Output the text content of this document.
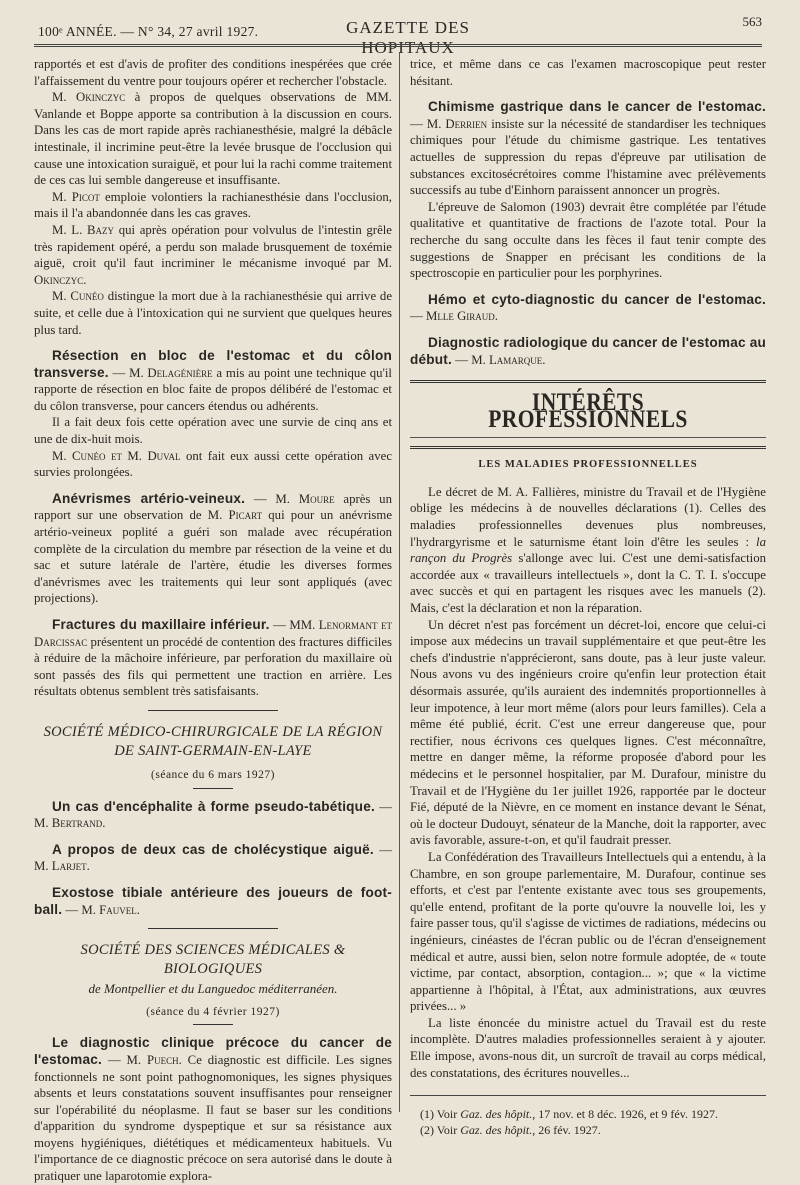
100ᵉ ANNÉE. — N° 34, 27 avril 1927.	GAZETTE DES HOPITAUX
563

rapportés et est d'avis de profiter des conditions inespérées que crée l'affaissement du ventre pour toujours opérer et rechercher l'obstacle.

M. Okinczyc à propos de quelques observations de MM. Vanlande et Boppe apporte sa contribution à la discussion en cours. Dans les cas de mort rapide après rachianesthésie, malgré la débâcle intestinale, il incrimine peut-être la levée brusque de l'occlusion qui cause une intoxication suraiguë, et pour lui la rachi comme traitement de ces cas lui semble dangereuse et insuffisante.

M. Picot emploie volontiers la rachianesthésie dans l'occlusion, mais il l'a abandonnée dans les cas graves.

M. L. Bazy qui après opération pour volvulus de l'intestin grêle très rapidement opéré, a perdu son malade brusquement de toxémie aiguë, croit qu'il faut incriminer le mécanisme invoqué par M. Okinczyc.

M. Cunéo distingue la mort due à la rachianesthésie qui arrive de suite, et celle due à l'intoxication qui ne survient que quelques heures plus tard.

Résection en bloc de l'estomac et du côlon transverse. — M. Delagénière a mis au point une technique qu'il rapporte de résection en bloc faite de propos délibéré de l'estomac et du côlon transverse, pour cancers étendus ou adhérents.

Il a fait deux fois cette opération avec une survie de cinq ans et une de dix-huit mois.

M. Cunéo et M. Duval ont fait eux aussi cette opération avec survies prolongées.

Anévrismes artério-veineux. — M. Moure après un rapport sur une observation de M. Picart qui pour un anévrisme artério-veineux poplité a guéri son malade avec récupération complète de la circulation du membre par résection de la veine et du sac et suture latérale de l'artère, étudie les diverses formes d'anévrismes avec les traitements qui leur sont appliqués (avec projections).

Fractures du maxillaire inférieur. — MM. Lenormant et Darcissac présentent un procédé de contention des fractures difficiles à réduire de la mâchoire inférieure, par perforation du maxillaire où sont passés des fils qui permettent une traction en arrière. Les résultats obtenus semblent très satisfaisants.

SOCIÉTÉ MÉDICO-CHIRURGICALE DE LA RÉGION
DE SAINT-GERMAIN-EN-LAYE
(séance du 6 mars 1927)

Un cas d'encéphalite à forme pseudo-tabétique. — M. Bertrand.

A propos de deux cas de cholécystique aiguë. — M. Larjet.

Exostose tibiale antérieure des joueurs de foot-ball. — M. Fauvel.

SOCIÉTÉ DES SCIENCES MÉDICALES & BIOLOGIQUES
de Montpellier et du Languedoc méditerranéen.
(séance du 4 février 1927)

Le diagnostic clinique précoce du cancer de l'estomac. — M. Puech. Ce diagnostic est difficile. Les signes fonctionnels ne sont point pathognomoniques, les signes physiques absents et leurs constatations souvent insuffisantes pour renseigner sur l'opérabilité du néoplasme. Il faut se baser sur les conditions d'apparition du syndrome dyspeptique et sur sa résistance aux moyens hygiéniques, diététiques et médicamenteux habituels. Vu l'importance de ce diagnostic précoce on sera autorisé dans le doute à pratiquer une laparotomie explora-

trice, et même dans ce cas l'examen macroscopique peut rester hésitant.

Chimisme gastrique dans le cancer de l'estomac. — M. Derrien insiste sur la nécessité de standardiser les techniques chimiques pour l'étude du chimisme gastrique. Les tentatives actuelles de suppression du repas d'épreuve par utilisation de substances excitosécrétoires comme l'histamine avec prélèvements successifs au tube d'Einhorn paraissent annoncer un progrès.

L'épreuve de Salomon (1903) devrait être complétée par l'étude qualitative et quantitative de fractions de l'azote total. Pour la recherche du sang occulte dans les fèces il faut tenir compte des suggestions de Snapper en précisant les conditions de la spectroscopie en particulier pour les porphyrines.

Hémo et cyto-diagnostic du cancer de l'estomac. — Mlle Giraud.

Diagnostic radiologique du cancer de l'estomac au début. — M. Lamarque.

INTÉRÊTS PROFESSIONNELS
LES MALADIES PROFESSIONNELLES

Le décret de M. A. Fallières, ministre du Travail et de l'Hygiène oblige les médecins à de nouvelles déclarations (1). Celles des maladies professionnelles devenues plus nombreuses, l'hydrargyrisme et le saturnisme étant loin d'être les seules : la rançon du Progrès s'allonge avec lui. C'est une demi-satisfaction accordée aux « travailleurs intellectuels », dont la C. T. I. s'occupe avec succès et qui en partagent les risques avec les manuels (2). Mais, c'est la déclaration et non la réparation.

Un décret n'est pas forcément un décret-loi, encore que celui-ci impose aux médecins un travail supplémentaire et que peut-être les chefs d'industrie n'apprécieront, sans doute, pas à leur juste valeur. Nous avons vu des ingénieurs croire qu'enfin leur protection était désormais assurée, qu'ils auraient des indemnités proportionnelles à leur impotence, à leur mort même (alors pour leurs familles). Cela a même été publié, écrit. C'est une erreur dangereuse que, pour rectifier, nous écrivons ces quelques lignes. C'est méconnaître, mettre en danger même, la réforme proposée d'abord pour les médecins et le personnel hospitalier, par M. Durafour, ministre du Travail et de l'Hygiène du 1er juillet 1926, rapportée par le docteur Fié, député de la Nièvre, en ce moment en instance devant le Sénat, où le docteur Dudouyt, sénateur de la Manche, doit la rapporter, avec avis favorable, assure-t-on, et qu'il faudrait presser.

La Confédération des Travailleurs Intellectuels qui a entendu, à la Chambre, en son groupe parlementaire, M. Durafour, continue ses efforts, et c'est par l'entente existante avec tous ses groupements, qu'elle entend, profitant de la porte qu'ouvre la nouvelle loi, les y faire passer tous, qu'il s'agisse de victimes de radiations, médecins ou ingénieurs, cinéastes de l'écran public ou de l'écran d'enseignement médical et autre, aussi bien, selon notre formule adoptée, de « toute victime, par contact, absorption, contagion... »; que « la victime appartienne à l'hôpital, à l'État, aux administrations, aux œuvres privées... »

La liste énoncée du ministre actuel du Travail est du reste incomplète. D'autres maladies professionnelles seraient à y ajouter. Elle impose, avons-nous dit, un surcroît de travail au corps médical, des constatations, des écritures nouvelles...

(1) Voir Gaz. des hôpit., 17 nov. et 8 déc. 1926, et 9 fév. 1927.
(2) Voir Gaz. des hôpit., 26 fév. 1927.
